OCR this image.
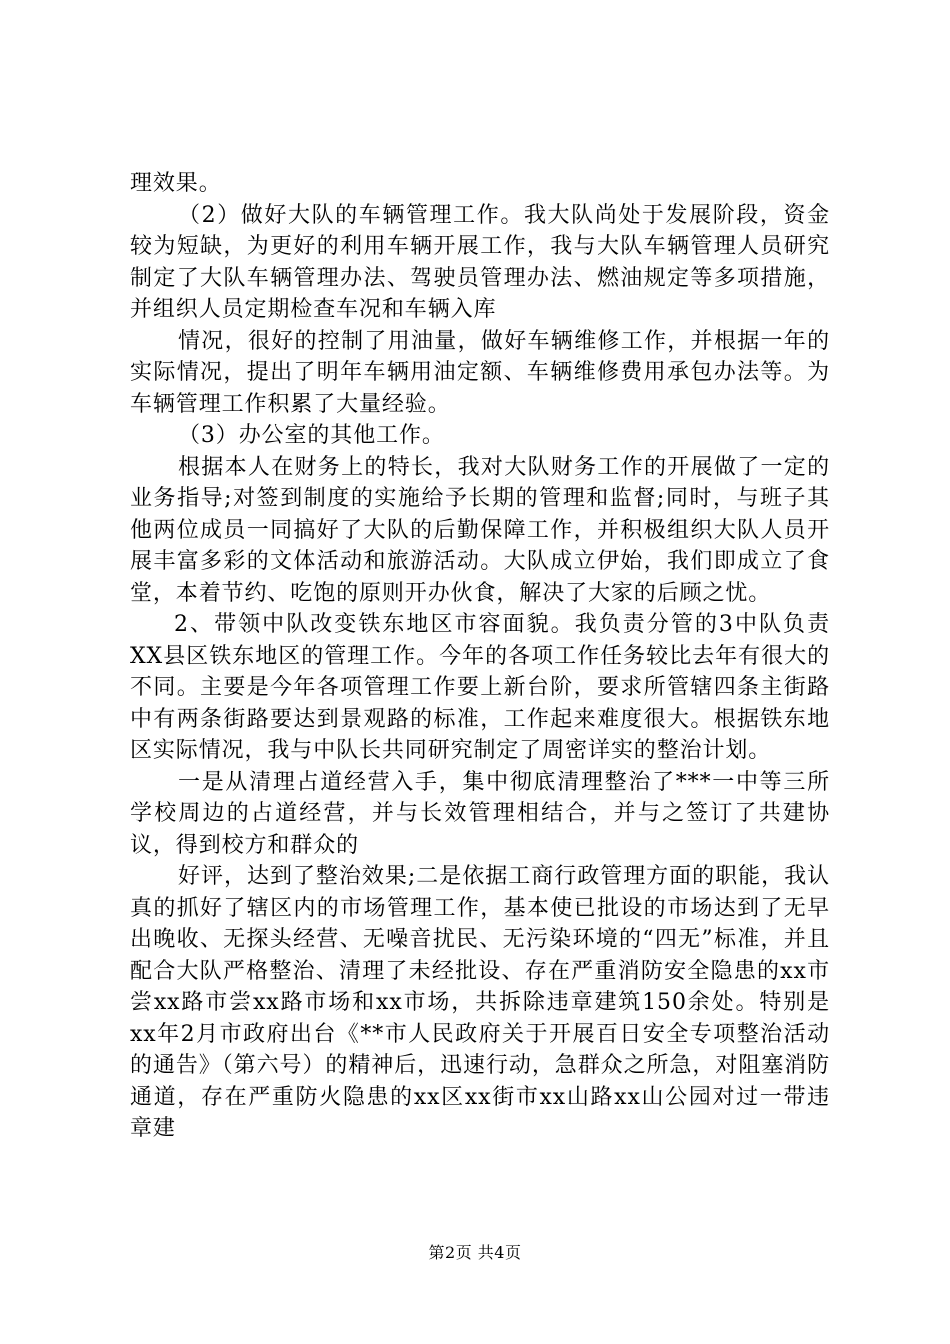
理效果。

（2）做好大队的车辆管理工作。我大队尚处于发展阶段，资金较为短缺，为更好的利用车辆开展工作，我与大队车辆管理人员研究制定了大队车辆管理办法、驾驶员管理办法、燃油规定等多项措施，并组织人员定期检查车况和车辆入库

情况，很好的控制了用油量，做好车辆维修工作，并根据一年的实际情况，提出了明年车辆用油定额、车辆维修费用承包办法等。为车辆管理工作积累了大量经验。

（3）办公室的其他工作。

根据本人在财务上的特长，我对大队财务工作的开展做了一定的业务指导;对签到制度的实施给予长期的管理和监督;同时，与班子其他两位成员一同搞好了大队的后勤保障工作，并积极组织大队人员开展丰富多彩的文体活动和旅游活动。大队成立伊始，我们即成立了食堂，本着节约、吃饱的原则开办伙食，解决了大家的后顾之忧。

2、带领中队改变铁东地区市容面貌。我负责分管的3中队负责XX县区铁东地区的管理工作。今年的各项工作任务较比去年有很大的不同。主要是今年各项管理工作要上新台阶，要求所管辖四条主街路中有两条街路要达到景观路的标准，工作起来难度很大。根据铁东地区实际情况，我与中队长共同研究制定了周密详实的整治计划。

一是从清理占道经营入手，集中彻底清理整治了***一中等三所学校周边的占道经营，并与长效管理相结合，并与之签订了共建协议，得到校方和群众的

好评，达到了整治效果;二是依据工商行政管理方面的职能，我认真的抓好了辖区内的市场管理工作，基本使已批设的市场达到了无早出晚收、无探头经营、无噪音扰民、无污染环境的“四无”标准，并且配合大队严格整治、清理了未经批设、存在严重消防安全隐患的xx市尝xx路市尝xx路市场和xx市场，共拆除违章建筑150余处。特别是xx年2月市政府出台《**市人民政府关于开展百日安全专项整治活动的通告》（第六号）的精神后，迅速行动，急群众之所急，对阻塞消防通道，存在严重防火隐患的xx区xx街市xx山路xx山公园对过一带违章建

第2页 共4页
